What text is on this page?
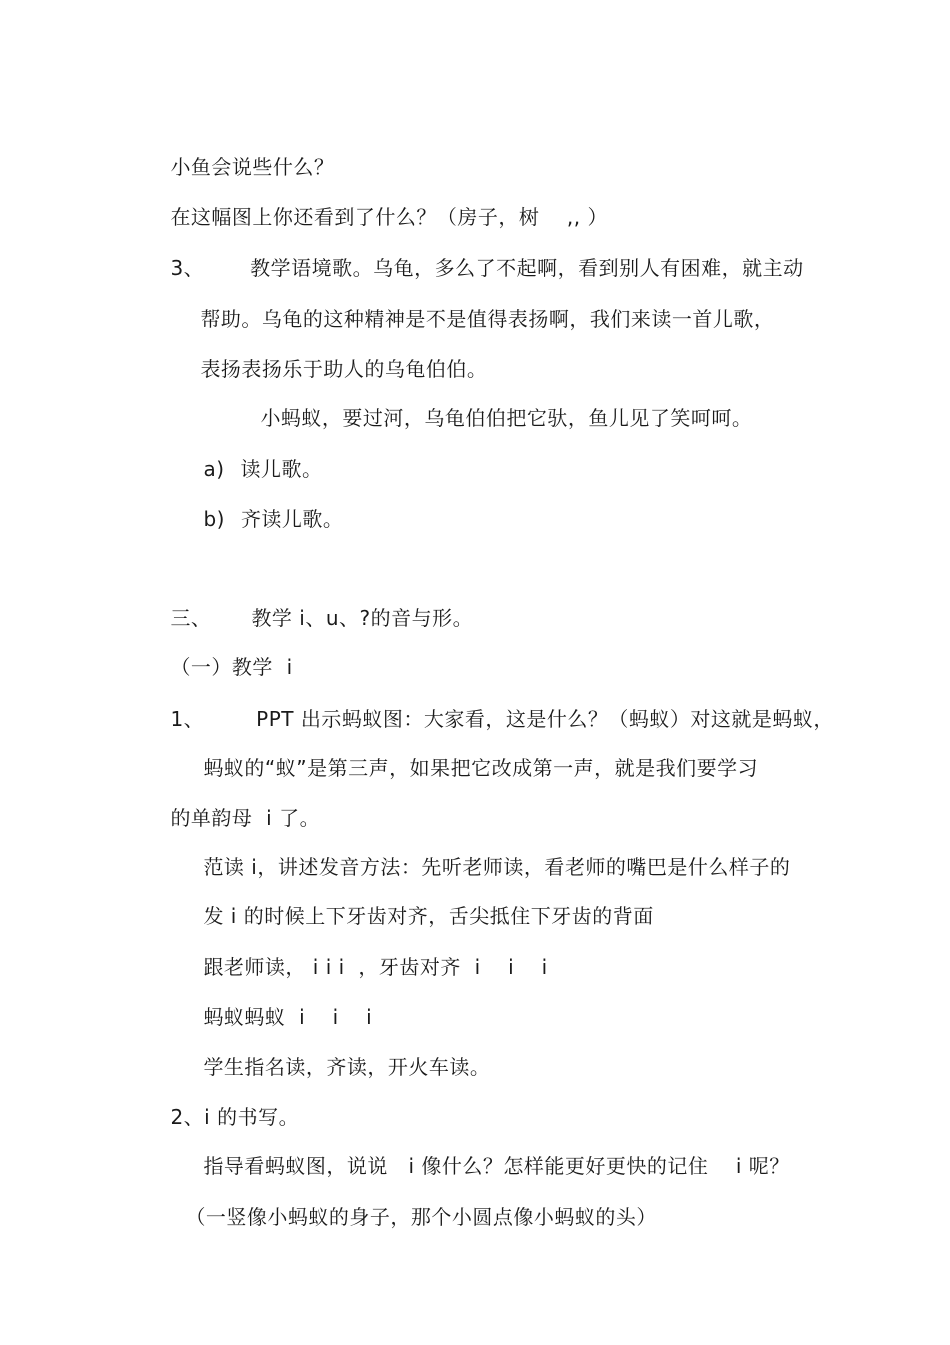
小鱼会说些什么？

在这幅图上你还看到了什么？（房子，树    ,, ）

3、 教学语境歌。乌龟，多么了不起啊，看到别人有困难，就主动

帮助。乌龟的这种精神是不是值得表扬啊，我们来读一首儿歌，

表扬表扬乐于助人的乌龟伯伯。

小蚂蚁，要过河，乌龟伯伯把它驮，鱼儿见了笑呵呵。

a) 读儿歌。

b) 齐读儿歌。

三、 教学 i、u、?的音与形。

（一）教学  i

1、	PPT 出示蚂蚁图：大家看，这是什么？（蚂蚁）对这就是蚂蚁，

蚂蚁的“蚁”是第三声，如果把它改成第一声，就是我们要学习

的单韵母  i 了。

范读 i，讲述发音方法：先听老师读，看老师的嘴巴是什么样子的

发 i 的时候上下牙齿对齐，舌尖抵住下牙齿的背面

跟老师读， i i i  ，牙齿对齐  i    i    i

蚂蚁蚂蚁  i    i    i

学生指名读，齐读，开火车读。

2、i 的书写。

指导看蚂蚁图，说说   i 像什么？怎样能更好更快的记住    i 呢？

（一竖像小蚂蚁的身子，那个小圆点像小蚂蚁的头）
